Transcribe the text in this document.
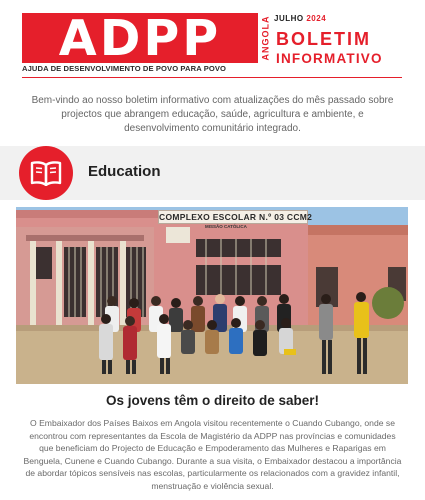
ADPP	ANGOLA
AJUDA DE DESENVOLVIMENTO DE POVO PARA POVO
JULHO 2024
BOLETIM
INFORMATIVO
Bem-vindo ao nosso boletim informativo com atualizações do mês passado sobre projectos que abrangem educação, saúde, agricultura e ambiente, e desenvolvimento comunitário integrado.
Education
COMPLEXO ESCOLAR N.º 03 CCM2
MISSÃO CATÓLICA
Os jovens têm o direito de saber!
O Embaixador dos Países Baixos em Angola visitou recentemente o Cuando Cubango, onde se encontrou com representantes da Escola de Magistério da ADPP nas províncias e comunidades que beneficiam do Projecto de Educação e Empoderamento das Mulheres e Raparigas em Benguela, Cunene e Cuando Cubango. Durante a sua visita, o Embaixador destacou a importância de abordar tópicos sensíveis nas escolas, particularmente os relacionados com a gravidez infantil, menstruação e violência sexual.
